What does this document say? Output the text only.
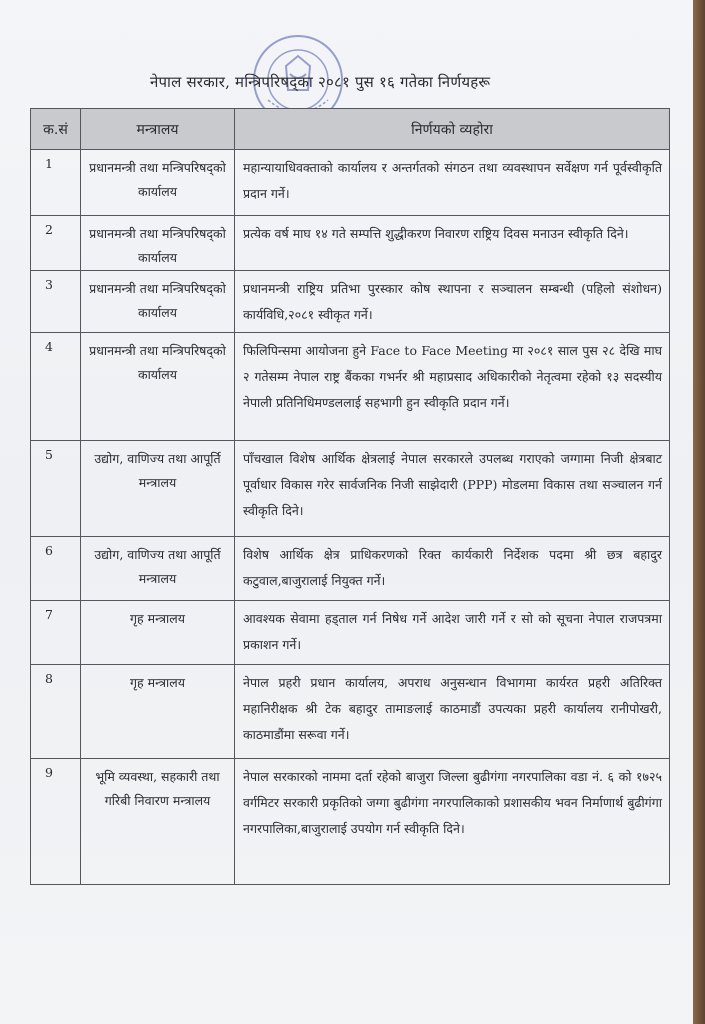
नेपाल सरकार, मन्त्रिपरिषद्का २०८१ पुस १६ गतेका निर्णयहरू
क.सं	मन्त्रालय	निर्णयको व्यहोरा
1	प्रधानमन्त्री तथा मन्त्रिपरिषद्को कार्यालय	महान्यायाधिवक्ताको कार्यालय र अन्तर्गतको संगठन तथा व्यवस्थापन सर्वेक्षण गर्न पूर्वस्वीकृति प्रदान गर्ने।
2	प्रधानमन्त्री तथा मन्त्रिपरिषद्को कार्यालय	प्रत्येक वर्ष माघ १४ गते सम्पत्ति शुद्धीकरण निवारण राष्ट्रिय दिवस मनाउन स्वीकृति दिने।
3	प्रधानमन्त्री तथा मन्त्रिपरिषद्को कार्यालय	प्रधानमन्त्री राष्ट्रिय प्रतिभा पुरस्कार कोष स्थापना र सञ्चालन सम्बन्धी (पहिलो संशोधन) कार्यविधि,२०८१ स्वीकृत गर्ने।
4	प्रधानमन्त्री तथा मन्त्रिपरिषद्को कार्यालय	फिलिपिन्समा आयोजना हुने Face to Face Meeting मा २०८१ साल पुस २८ देखि माघ २ गतेसम्म नेपाल राष्ट्र बैंकका गभर्नर श्री महाप्रसाद अधिकारीको नेतृत्वमा रहेको १३ सदस्यीय नेपाली प्रतिनिधिमण्डललाई सहभागी हुन स्वीकृति प्रदान गर्ने।
5	उद्योग, वाणिज्य तथा आपूर्ति मन्त्रालय	पाँचखाल विशेष आर्थिक क्षेत्रलाई नेपाल सरकारले उपलब्ध गराएको जग्गामा निजी क्षेत्रबाट पूर्वाधार विकास गरेर सार्वजनिक निजी साझेदारी (PPP) मोडलमा विकास तथा सञ्चालन गर्न स्वीकृति दिने।
6	उद्योग, वाणिज्य तथा आपूर्ति मन्त्रालय	विशेष आर्थिक क्षेत्र प्राधिकरणको रिक्त कार्यकारी निर्देशक पदमा श्री छत्र बहादुर कटुवाल,बाजुरालाई नियुक्त गर्ने।
7	गृह मन्त्रालय	आवश्यक सेवामा हड्ताल गर्न निषेध गर्ने आदेश जारी गर्ने र सो को सूचना नेपाल राजपत्रमा प्रकाशन गर्ने।
8	गृह मन्त्रालय	नेपाल प्रहरी प्रधान कार्यालय, अपराध अनुसन्धान विभागमा कार्यरत प्रहरी अतिरिक्त महानिरीक्षक श्री टेक बहादुर तामाङलाई काठमाडौं उपत्यका प्रहरी कार्यालय रानीपोखरी, काठमाडौंमा सरूवा गर्ने।
9	भूमि व्यवस्था, सहकारी तथा गरिबी निवारण मन्त्रालय	नेपाल सरकारको नाममा दर्ता रहेको बाजुरा जिल्ला बुढीगंगा नगरपालिका वडा नं. ६ को १७२५ वर्गमिटर सरकारी प्रकृतिको जग्गा बुढीगंगा नगरपालिकाको प्रशासकीय भवन निर्माणार्थ बुढीगंगा नगरपालिका,बाजुरालाई उपयोग गर्न स्वीकृति दिने।
